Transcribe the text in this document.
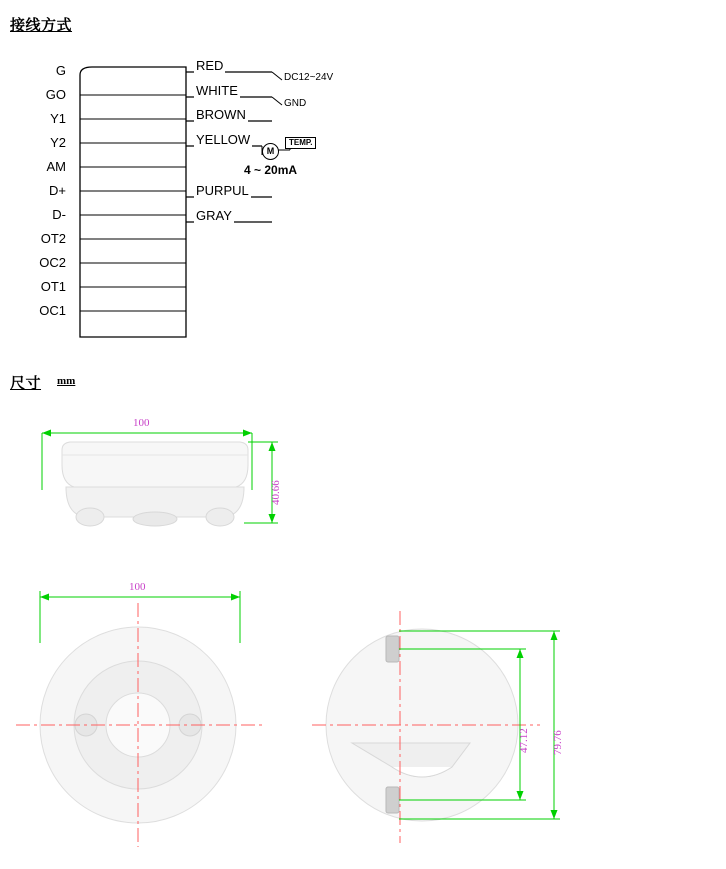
接线方式
G
GO
Y1
Y2
AM
D+
D-
OT2
OC2
OT1
OC1
RED
WHITE
BROWN
YELLOW
PURPUL
GRAY
DC12~24V
GND
M
TEMP.
4 ~ 20mA
尺寸 mm
100
40.66
100
47.12 79.76
